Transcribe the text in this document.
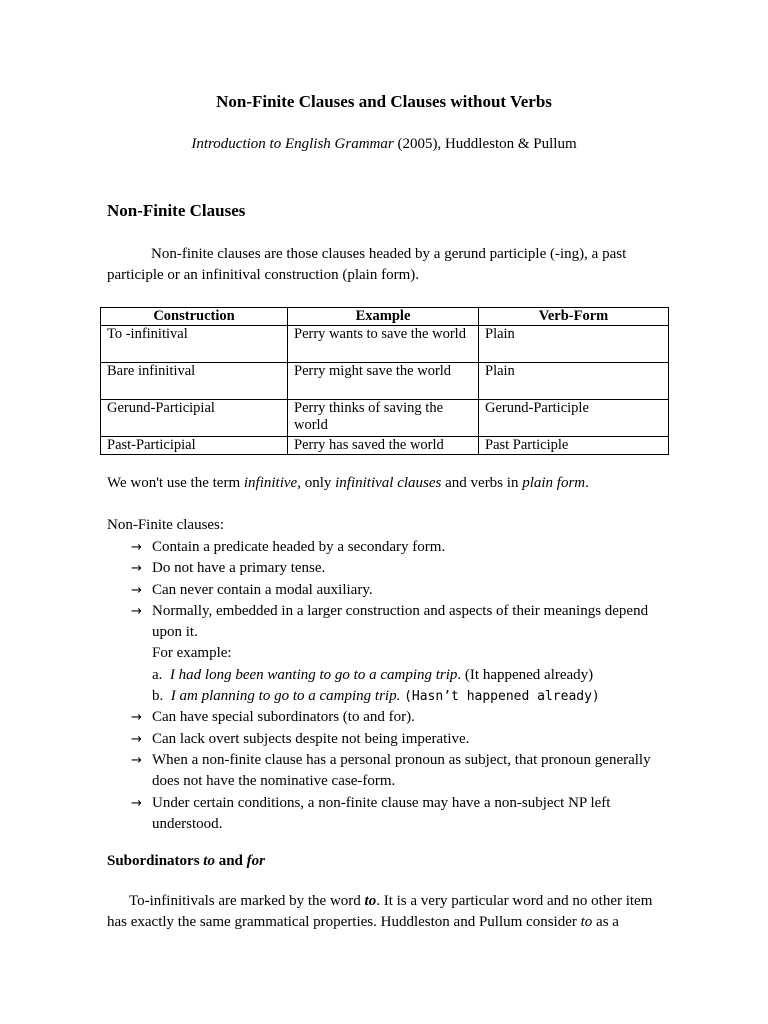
Non-Finite Clauses and Clauses without Verbs
Introduction to English Grammar (2005), Huddleston & Pullum
Non-Finite Clauses
Non-finite clauses are those clauses headed by a gerund participle (-ing), a past participle or an infinitival construction (plain form).
Construction	Example	Verb-Form
To -infinitival	Perry wants to save the world	Plain
Bare infinitival	Perry might save the world	Plain
Gerund-Participial	Perry thinks of saving the world	Gerund-Participle
Past-Participial	Perry has saved the world	Past Participle
We won't use the term infinitive, only infinitival clauses and verbs in plain form.
Non-Finite clauses:
→ Contain a predicate headed by a secondary form.
→ Do not have a primary tense.
→ Can never contain a modal auxiliary.
→ Normally, embedded in a larger construction and aspects of their meanings depend upon it.
For example:
a. I had long been wanting to go to a camping trip. (It happened already)
b. I am planning to go to a camping trip. (Hasn’t happened already)
→ Can have special subordinators (to and for).
→ Can lack overt subjects despite not being imperative.
→ When a non-finite clause has a personal pronoun as subject, that pronoun generally does not have the nominative case-form.
→ Under certain conditions, a non-finite clause may have a non-subject NP left understood.
Subordinators to and for
To-infinitivals are marked by the word to. It is a very particular word and no other item has exactly the same grammatical properties. Huddleston and Pullum consider to as a
